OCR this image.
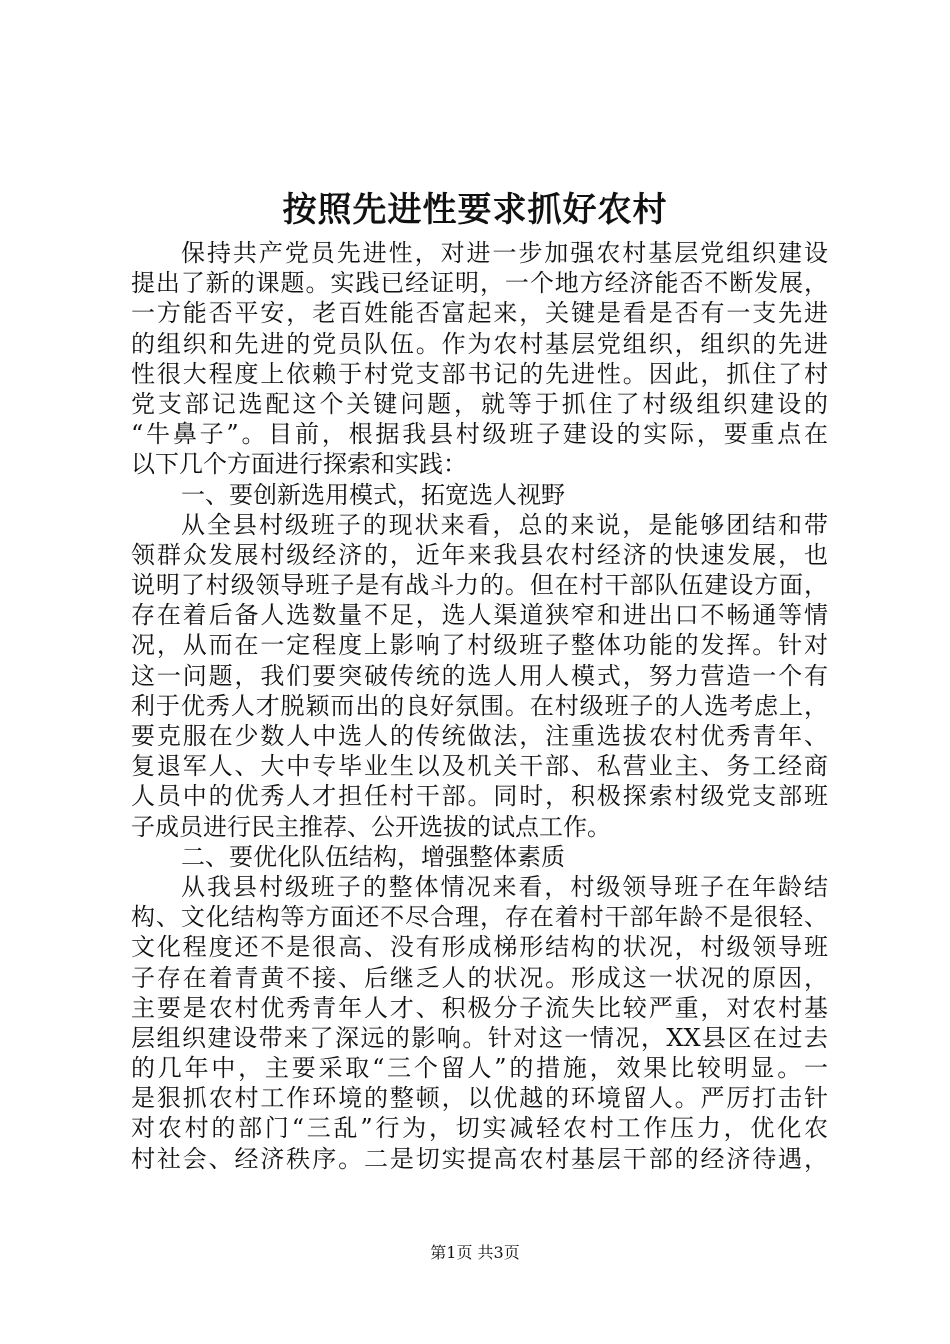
按照先进性要求抓好农村
保持共产党员先进性，对进一步加强农村基层党组织建设
提出了新的课题。实践已经证明，一个地方经济能否不断发展，
一方能否平安，老百姓能否富起来，关键是看是否有一支先进
的组织和先进的党员队伍。作为农村基层党组织，组织的先进
性很大程度上依赖于村党支部书记的先进性。因此，抓住了村
党支部记选配这个关键问题，就等于抓住了村级组织建设的
“牛鼻子”。目前，根据我县村级班子建设的实际，要重点在
以下几个方面进行探索和实践：
一、要创新选用模式，拓宽选人视野
从全县村级班子的现状来看，总的来说，是能够团结和带
领群众发展村级经济的，近年来我县农村经济的快速发展，也
说明了村级领导班子是有战斗力的。但在村干部队伍建设方面，
存在着后备人选数量不足，选人渠道狭窄和进出口不畅通等情
况，从而在一定程度上影响了村级班子整体功能的发挥。针对
这一问题，我们要突破传统的选人用人模式，努力营造一个有
利于优秀人才脱颖而出的良好氛围。在村级班子的人选考虑上，
要克服在少数人中选人的传统做法，注重选拔农村优秀青年、
复退军人、大中专毕业生以及机关干部、私营业主、务工经商
人员中的优秀人才担任村干部。同时，积极探索村级党支部班
子成员进行民主推荐、公开选拔的试点工作。
二、要优化队伍结构，增强整体素质
从我县村级班子的整体情况来看，村级领导班子在年龄结
构、文化结构等方面还不尽合理，存在着村干部年龄不是很轻、
文化程度还不是很高、没有形成梯形结构的状况，村级领导班
子存在着青黄不接、后继乏人的状况。形成这一状况的原因，
主要是农村优秀青年人才、积极分子流失比较严重，对农村基
层组织建设带来了深远的影响。针对这一情况，XX县区在过去
的几年中，主要采取“三个留人”的措施，效果比较明显。一
是狠抓农村工作环境的整顿，以优越的环境留人。严厉打击针
对农村的部门“三乱”行为，切实减轻农村工作压力，优化农
村社会、经济秩序。二是切实提高农村基层干部的经济待遇，
第1页 共3页
